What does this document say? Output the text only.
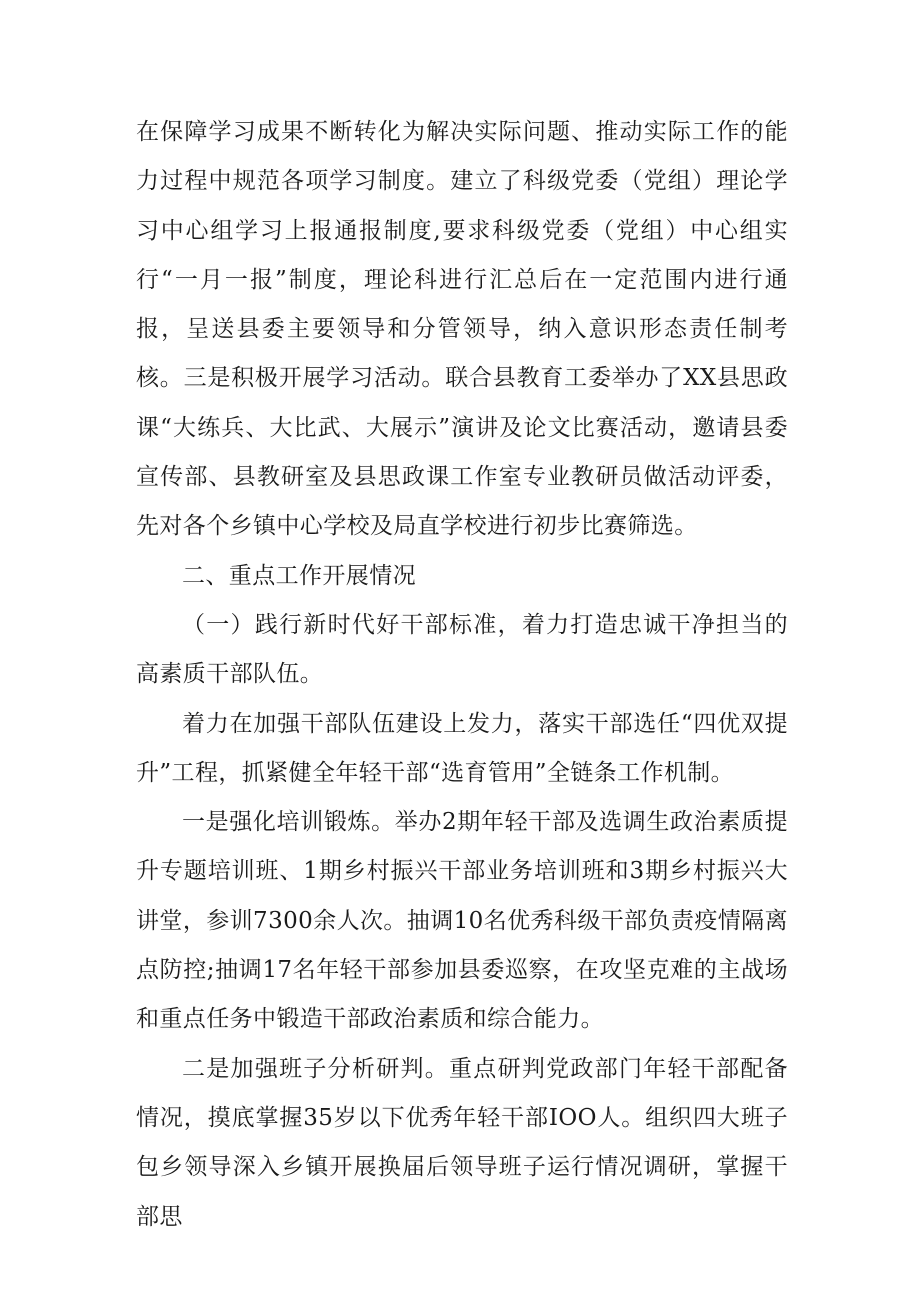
在保障学习成果不断转化为解决实际问题、推动实际工作的能力过程中规范各项学习制度。建立了科级党委（党组）理论学习中心组学习上报通报制度,要求科级党委（党组）中心组实行“一月一报”制度，理论科进行汇总后在一定范围内进行通报，呈送县委主要领导和分管领导，纳入意识形态责任制考核。三是积极开展学习活动。联合县教育工委举办了XX县思政课“大练兵、大比武、大展示”演讲及论文比赛活动，邀请县委宣传部、县教研室及县思政课工作室专业教研员做活动评委，先对各个乡镇中心学校及局直学校进行初步比赛筛选。

二、重点工作开展情况

（一）践行新时代好干部标准，着力打造忠诚干净担当的高素质干部队伍。

着力在加强干部队伍建设上发力，落实干部选任“四优双提升”工程，抓紧健全年轻干部“选育管用”全链条工作机制。

一是强化培训锻炼。举办2期年轻干部及选调生政治素质提升专题培训班、1期乡村振兴干部业务培训班和3期乡村振兴大讲堂，参训7300余人次。抽调10名优秀科级干部负责疫情隔离点防控;抽调17名年轻干部参加县委巡察，在攻坚克难的主战场和重点任务中锻造干部政治素质和综合能力。

二是加强班子分析研判。重点研判党政部门年轻干部配备情况，摸底掌握35岁以下优秀年轻干部IOO人。组织四大班子包乡领导深入乡镇开展换届后领导班子运行情况调研，掌握干部思
